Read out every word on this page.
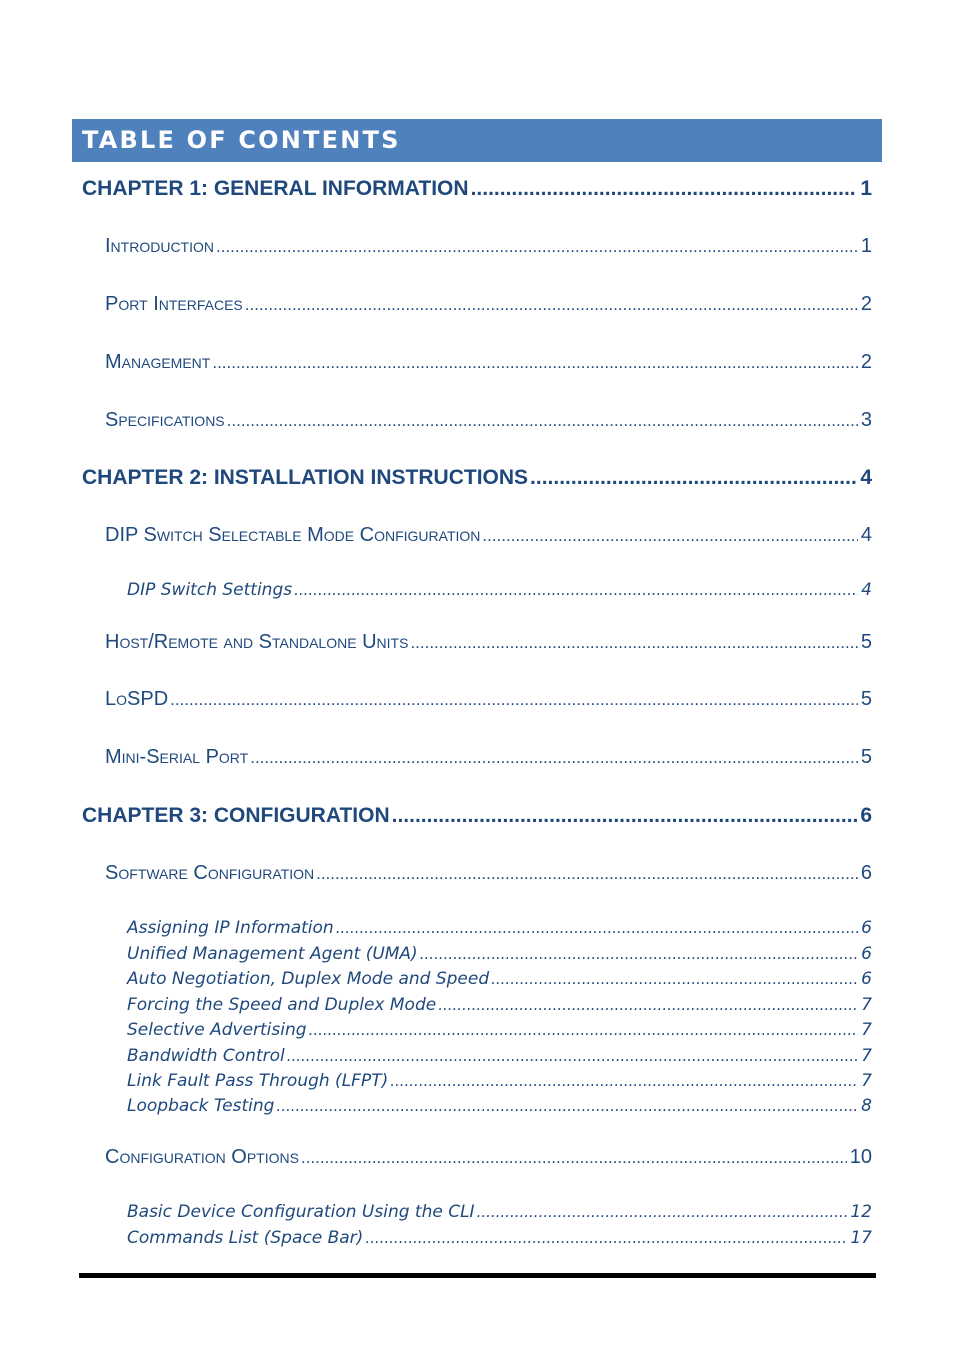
TABLE OF CONTENTS
CHAPTER 1: GENERAL INFORMATION .....	1
Introduction .....	1
Port Interfaces .....	2
Management .....	2
Specifications .....	3
CHAPTER 2: INSTALLATION INSTRUCTIONS .....	4
DIP Switch Selectable Mode Configuration .....	4
DIP Switch Settings .....	4
Host/Remote and Standalone Units .....	5
LoSPD .....	5
Mini-Serial Port .....	5
CHAPTER 3: CONFIGURATION .....	6
Software Configuration .....	6
Assigning IP Information .....	6
Unified Management Agent (UMA) .....	6
Auto Negotiation, Duplex Mode and Speed .....	6
Forcing the Speed and Duplex Mode .....	7
Selective Advertising .....	7
Bandwidth Control .....	7
Link Fault Pass Through (LFPT) .....	7
Loopback Testing .....	8
Configuration Options .....	10
Basic Device Configuration Using the CLI .....	12
Commands List (Space Bar) .....	17
